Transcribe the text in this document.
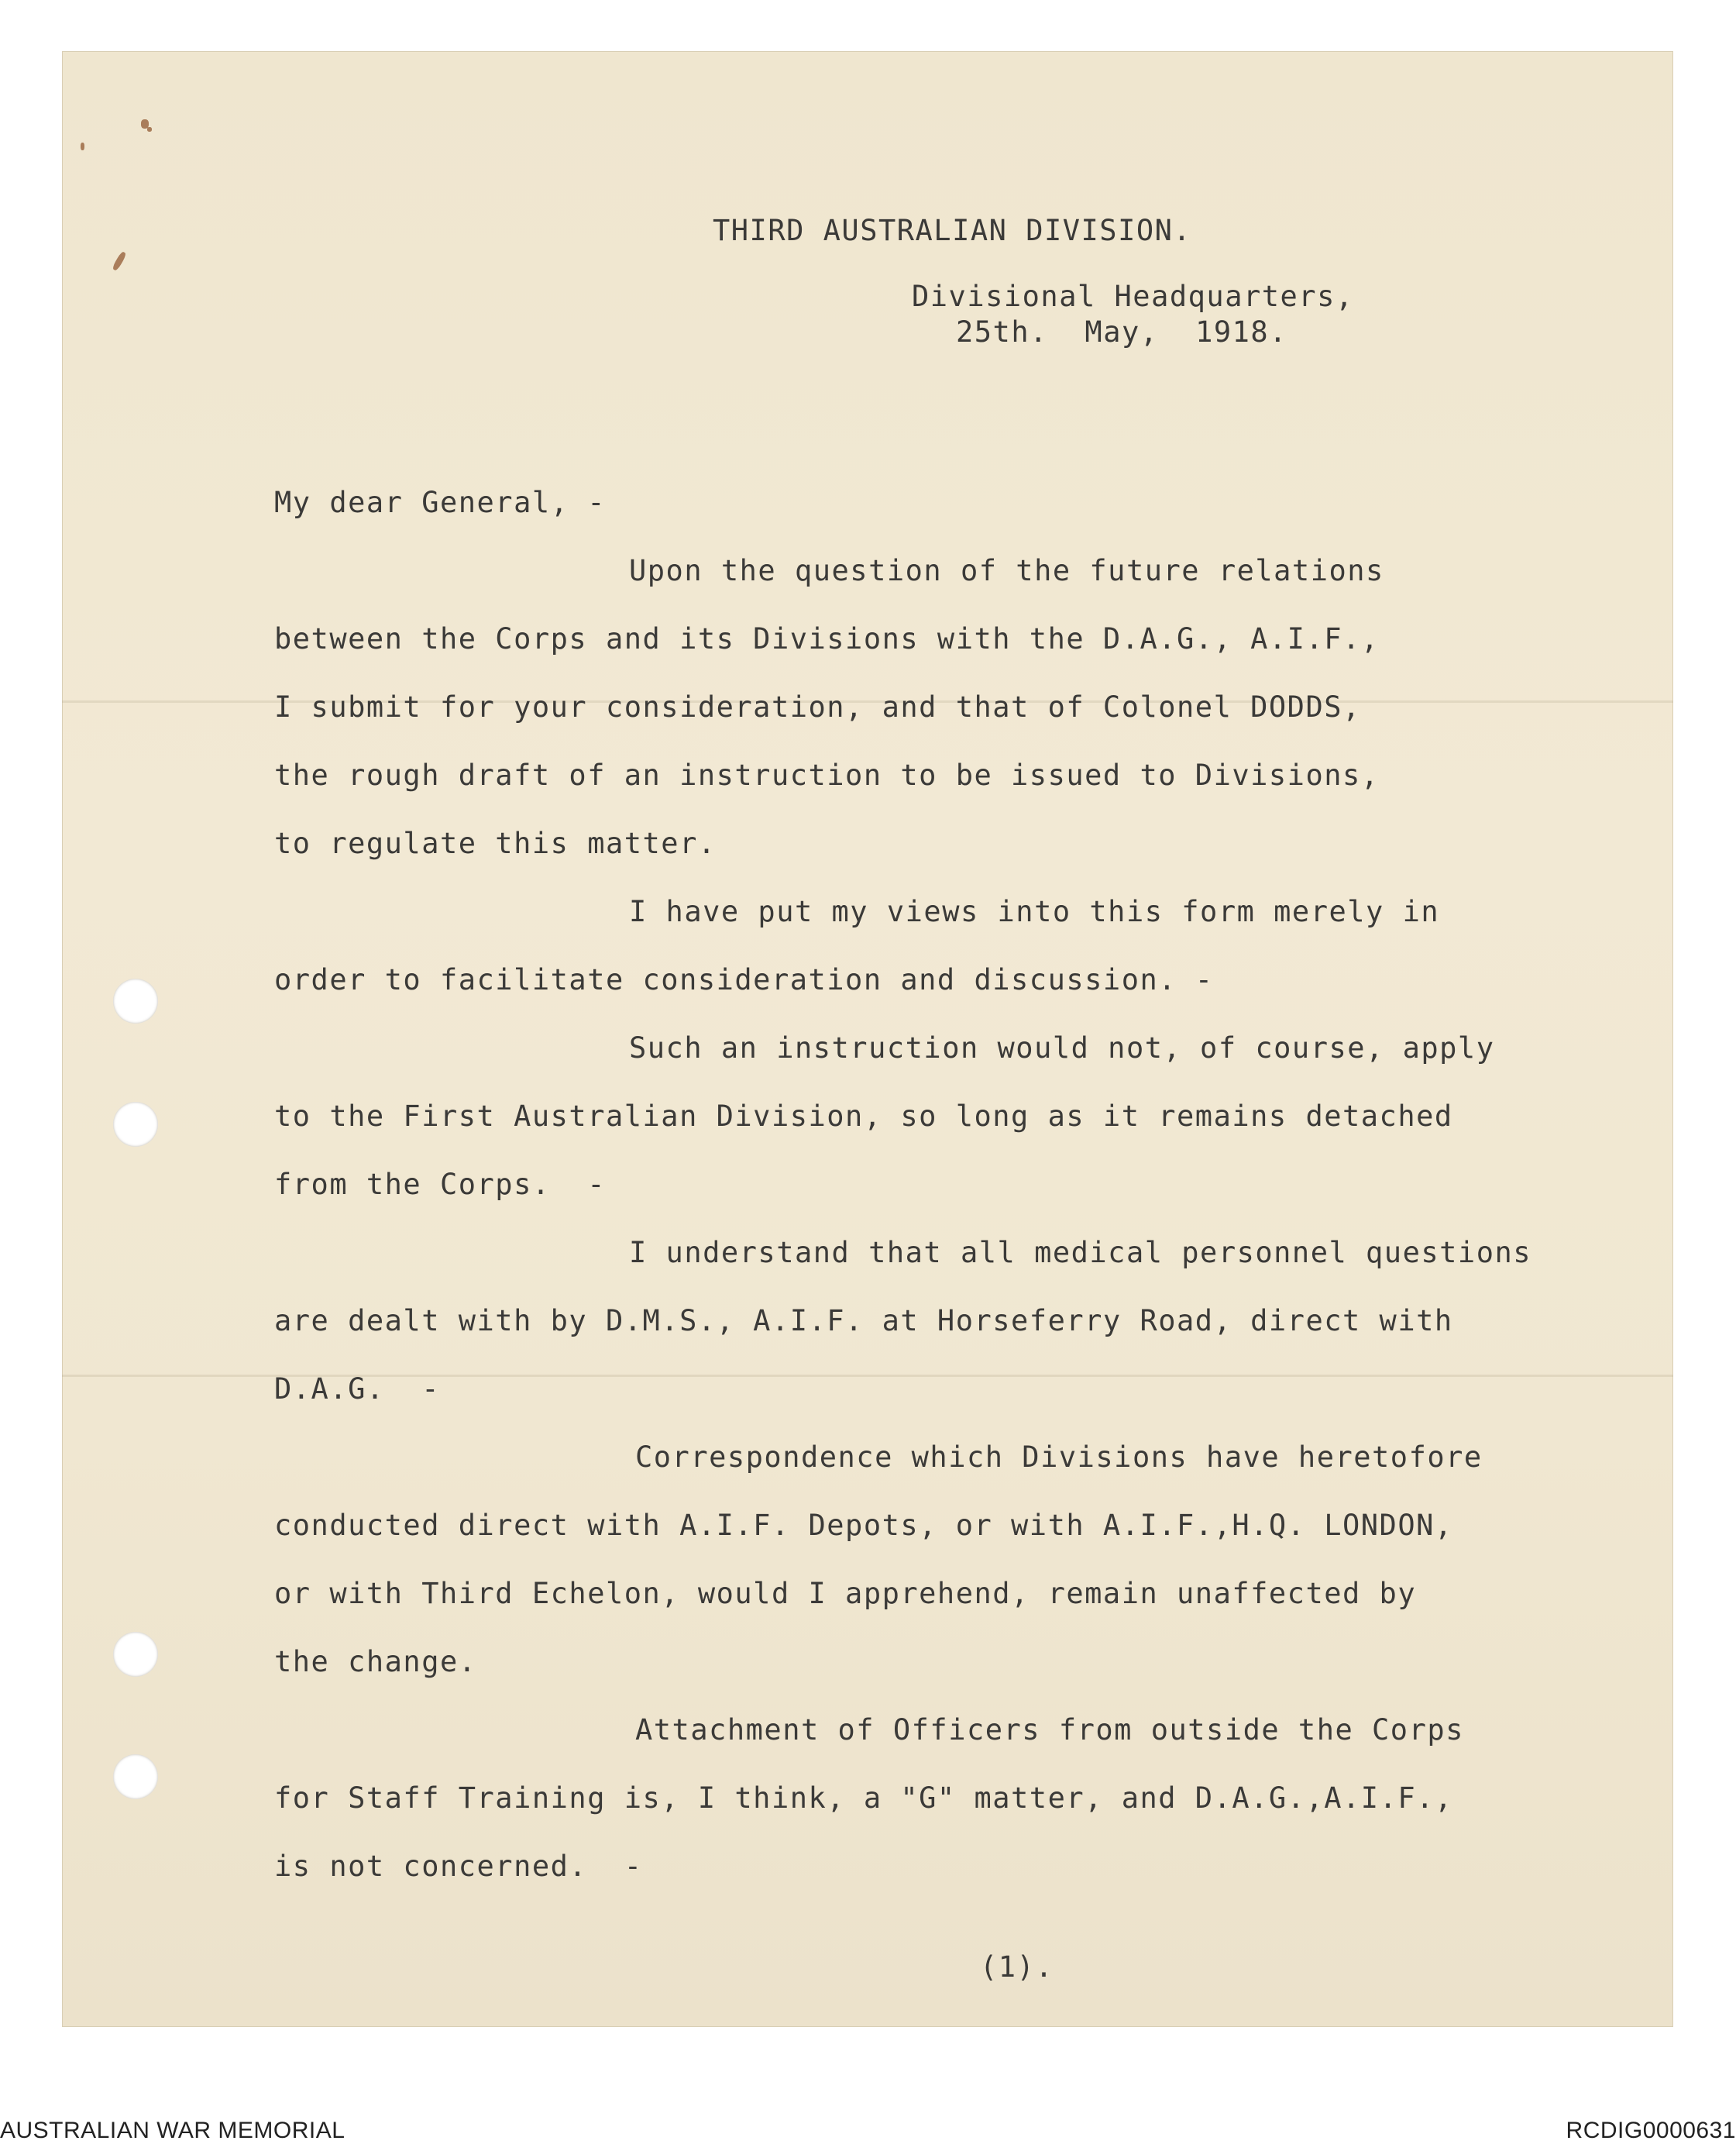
THIRD AUSTRALIAN DIVISION.
Divisional Headquarters,
25th.  May,  1918.
My dear General, -
Upon the question of the future relations
between the Corps and its Divisions with the D.A.G., A.I.F.,
I submit for your consideration, and that of Colonel DODDS,
the rough draft of an instruction to be issued to Divisions,
to regulate this matter.
I have put my views into this form merely in
order to facilitate consideration and discussion. -
Such an instruction would not, of course, apply
to the First Australian Division, so long as it remains detached
from the Corps.  -
I understand that all medical personnel questions
are dealt with by D.M.S., A.I.F. at Horseferry Road, direct with
D.A.G.  -
Correspondence which Divisions have heretofore
conducted direct with A.I.F. Depots, or with A.I.F.,H.Q. LONDON,
or with Third Echelon, would I apprehend, remain unaffected by
the change.
Attachment of Officers from outside the Corps
for Staff Training is, I think, a "G" matter, and D.A.G.,A.I.F.,
is not concerned.  -
(1).
AUSTRALIAN WAR MEMORIAL	RCDIG0000631
